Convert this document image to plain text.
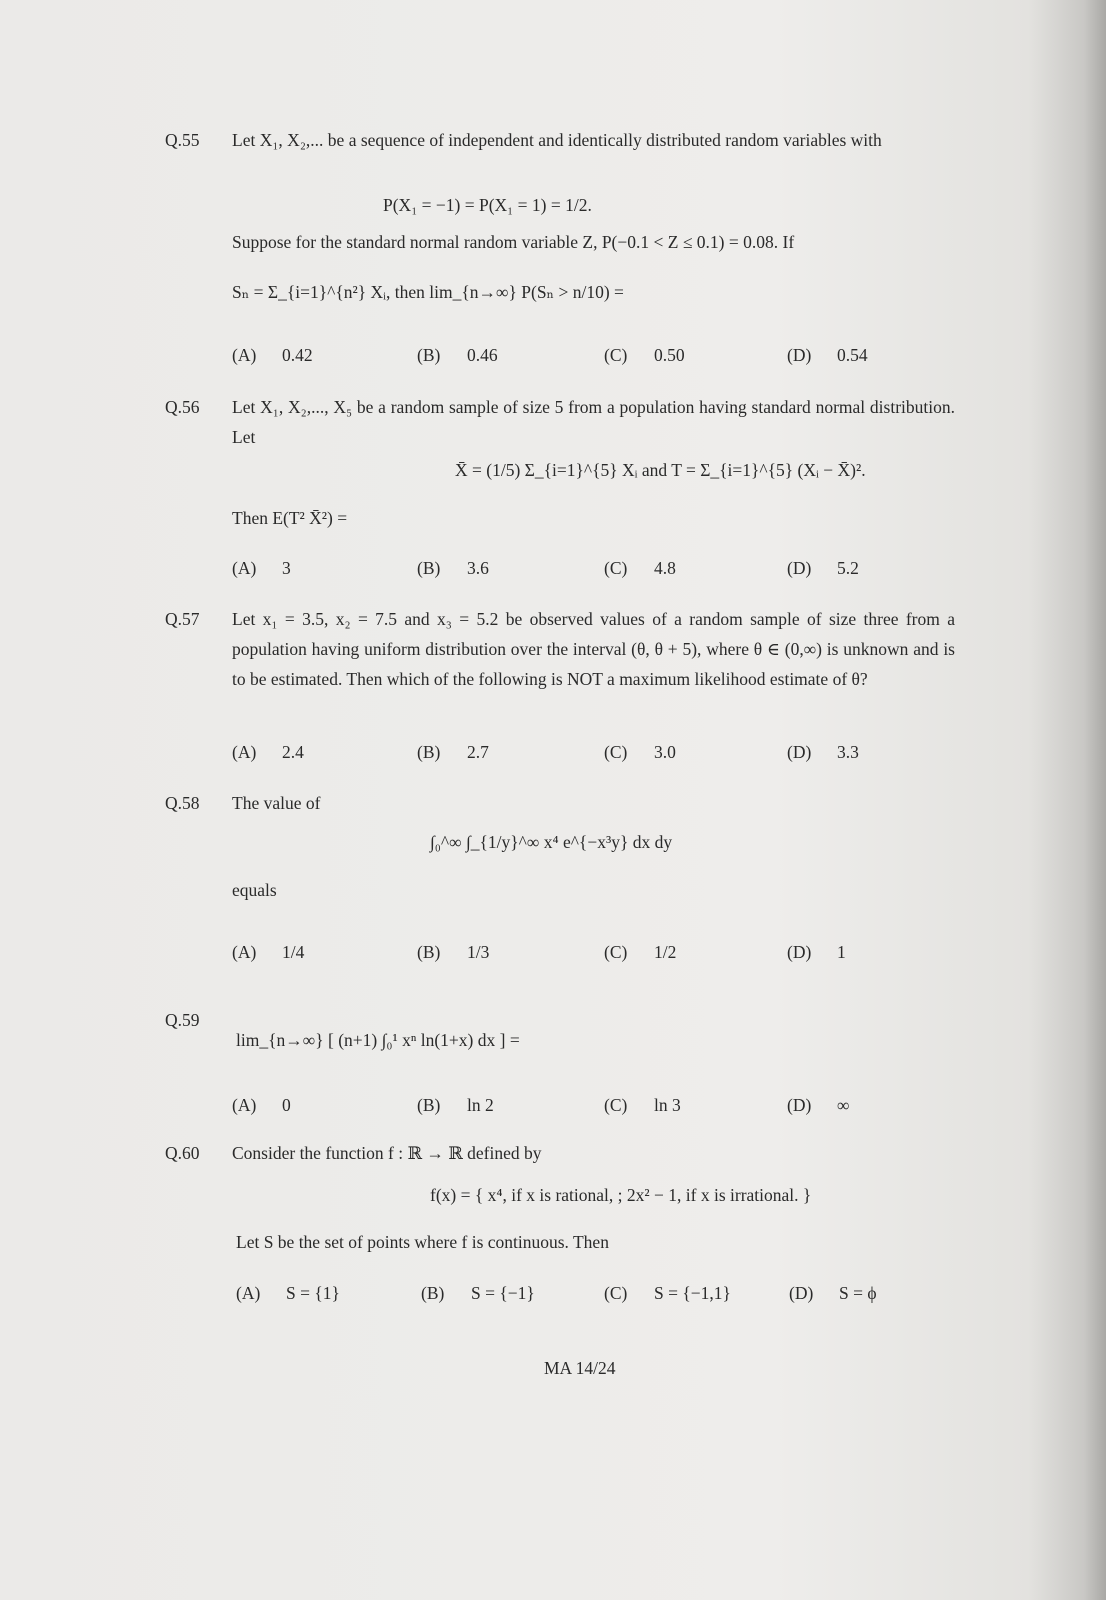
Q.55 Let X₁, X₂,... be a sequence of independent and identically distributed random variables with
P(X₁ = −1) = P(X₁ = 1) = 1/2.
Suppose for the standard normal random variable Z, P(−0.1 < Z ≤ 0.1) = 0.08. If
Sₙ = Σ_{i=1}^{n²} Xᵢ, then lim_{n→∞} P(Sₙ > n/10) =
(A) 0.42	(B) 0.46	(C) 0.50	(D) 0.54
Q.56 Let X₁, X₂,..., X₅ be a random sample of size 5 from a population having standard normal distribution. Let
X̄ = (1/5) Σ_{i=1}^{5} Xᵢ and T = Σ_{i=1}^{5} (Xᵢ − X̄)².
Then E(T² X̄²) =
(A) 3	(B) 3.6	(C) 4.8	(D) 5.2
Q.57 Let x₁ = 3.5, x₂ = 7.5 and x₃ = 5.2 be observed values of a random sample of size three from a population having uniform distribution over the interval (θ, θ + 5), where θ ∈ (0,∞) is unknown and is to be estimated. Then which of the following is NOT a maximum likelihood estimate of θ?
(A) 2.4	(B) 2.7	(C) 3.0	(D) 3.3
Q.58 The value of
∫₀^∞ ∫_{1/y}^∞ x⁴ e^{−x³y} dx dy
equals
(A) 1/4	(B) 1/3	(C) 1/2	(D) 1
Q.59
lim_{n→∞} [ (n+1) ∫₀¹ xⁿ ln(1+x) dx ] =
(A) 0	(B) ln 2	(C) ln 3	(D) ∞
Q.60 Consider the function f : ℝ → ℝ defined by
f(x) = { x⁴, if x is rational, ; 2x² − 1, if x is irrational. }
Let S be the set of points where f is continuous. Then
(A) S = {1}	(B) S = {−1}	(C) S = {−1,1}	(D) S = ϕ
MA 14/24
